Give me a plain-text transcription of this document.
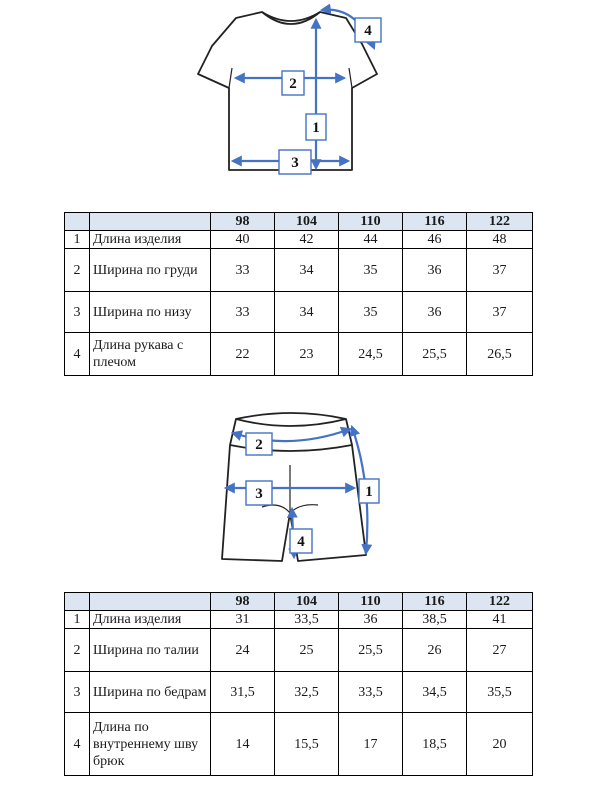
1
2
3
4
		98	104	110	116	122
1	Длина изделия	40	42	44	46	48
2	Ширина по груди	33	34	35	36	37
3	Ширина по низу	33	34	35	36	37
4	Длина рукава с плечом	22	23	24,5	25,5	26,5
1
2
3
4
		98	104	110	116	122
1	Длина изделия	31	33,5	36	38,5	41
2	Ширина по талии	24	25	25,5	26	27
3	Ширина по бедрам	31,5	32,5	33,5	34,5	35,5
4	Длина по внутреннему шву брюк	14	15,5	17	18,5	20
